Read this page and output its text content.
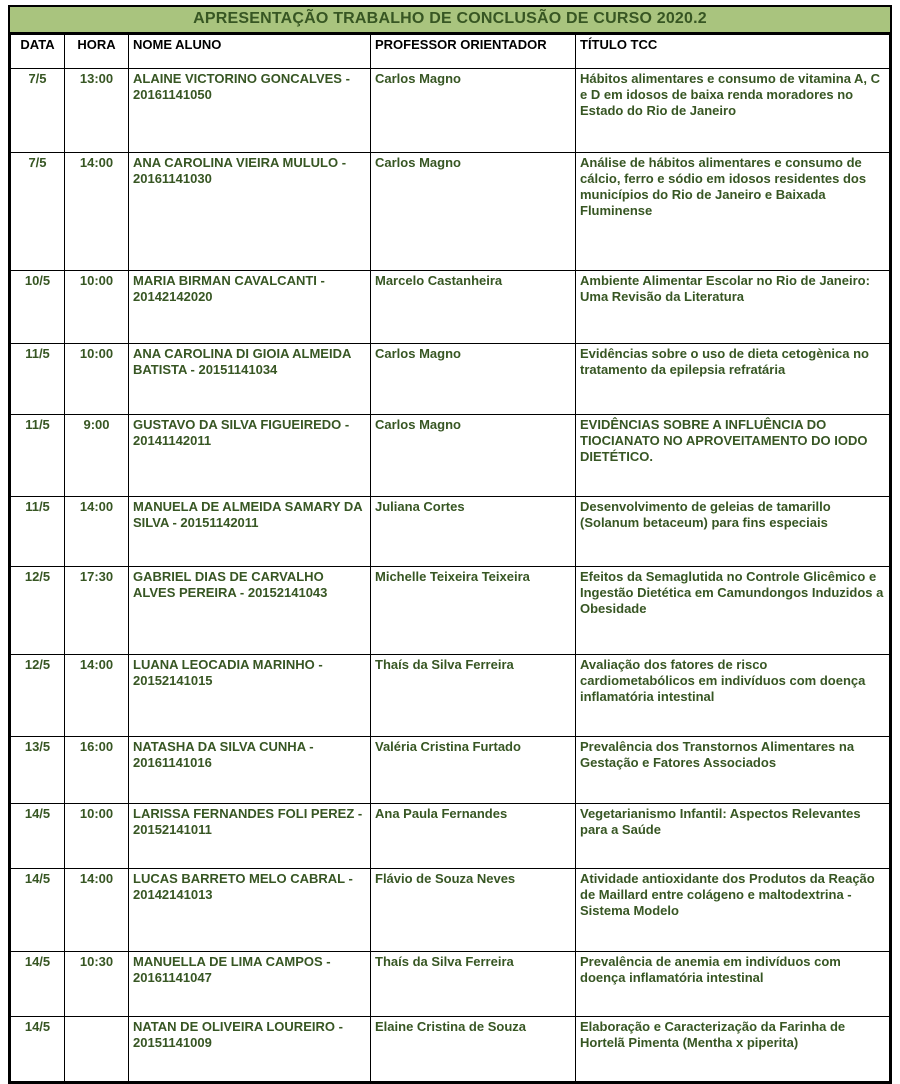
APRESENTAÇÃO TRABALHO DE CONCLUSÃO DE CURSO 2020.2
DATA	HORA	NOME ALUNO	PROFESSOR ORIENTADOR	TÍTULO TCC
7/5	13:00	ALAINE VICTORINO GONCALVES - 20161141050	Carlos Magno	Hábitos alimentares e consumo de vitamina A, C e D em idosos de baixa renda moradores no Estado do Rio de Janeiro
7/5	14:00	ANA CAROLINA VIEIRA MULULO - 20161141030	Carlos Magno	Análise de hábitos alimentares e consumo de cálcio, ferro e sódio em idosos residentes dos municípios do Rio de Janeiro e Baixada Fluminense
10/5	10:00	MARIA BIRMAN CAVALCANTI - 20142142020	Marcelo Castanheira	Ambiente Alimentar Escolar no Rio de Janeiro: Uma Revisão da Literatura
11/5	10:00	ANA CAROLINA DI GIOIA ALMEIDA BATISTA - 20151141034	Carlos Magno	Evidências sobre o uso de dieta cetogènica no tratamento da epilepsia refratária
11/5	9:00	GUSTAVO DA SILVA FIGUEIREDO - 20141142011	Carlos Magno	EVIDÊNCIAS SOBRE A INFLUÊNCIA DO TIOCIANATO NO APROVEITAMENTO DO IODO DIETÉTICO.
11/5	14:00	MANUELA DE ALMEIDA SAMARY DA SILVA - 20151142011	Juliana Cortes	Desenvolvimento de geleias de tamarillo (Solanum betaceum) para fins especiais
12/5	17:30	GABRIEL DIAS DE CARVALHO ALVES PEREIRA - 20152141043	Michelle Teixeira Teixeira	Efeitos da Semaglutida no Controle Glicêmico e Ingestão Dietética em Camundongos Induzidos a Obesidade
12/5	14:00	LUANA LEOCADIA MARINHO - 20152141015	Thaís da Silva Ferreira	Avaliação dos fatores de risco cardiometabólicos em indivíduos com doença inflamatória intestinal
13/5	16:00	NATASHA DA SILVA CUNHA - 20161141016	Valéria Cristina Furtado	Prevalência dos Transtornos Alimentares na Gestação e Fatores Associados
14/5	10:00	LARISSA FERNANDES FOLI PEREZ - 20152141011	Ana Paula Fernandes	Vegetarianismo Infantil: Aspectos Relevantes para a Saúde
14/5	14:00	LUCAS BARRETO MELO CABRAL - 20142141013	Flávio de Souza Neves	Atividade antioxidante dos Produtos da Reação de Maillard entre colágeno e maltodextrina - Sistema Modelo
14/5	10:30	MANUELLA DE LIMA CAMPOS - 20161141047	Thaís da Silva Ferreira	Prevalência de anemia em indivíduos com doença inflamatória intestinal
14/5		NATAN DE OLIVEIRA LOUREIRO - 20151141009	Elaine Cristina de Souza	Elaboração e Caracterização da Farinha de Hortelã Pimenta (Mentha x piperita)
